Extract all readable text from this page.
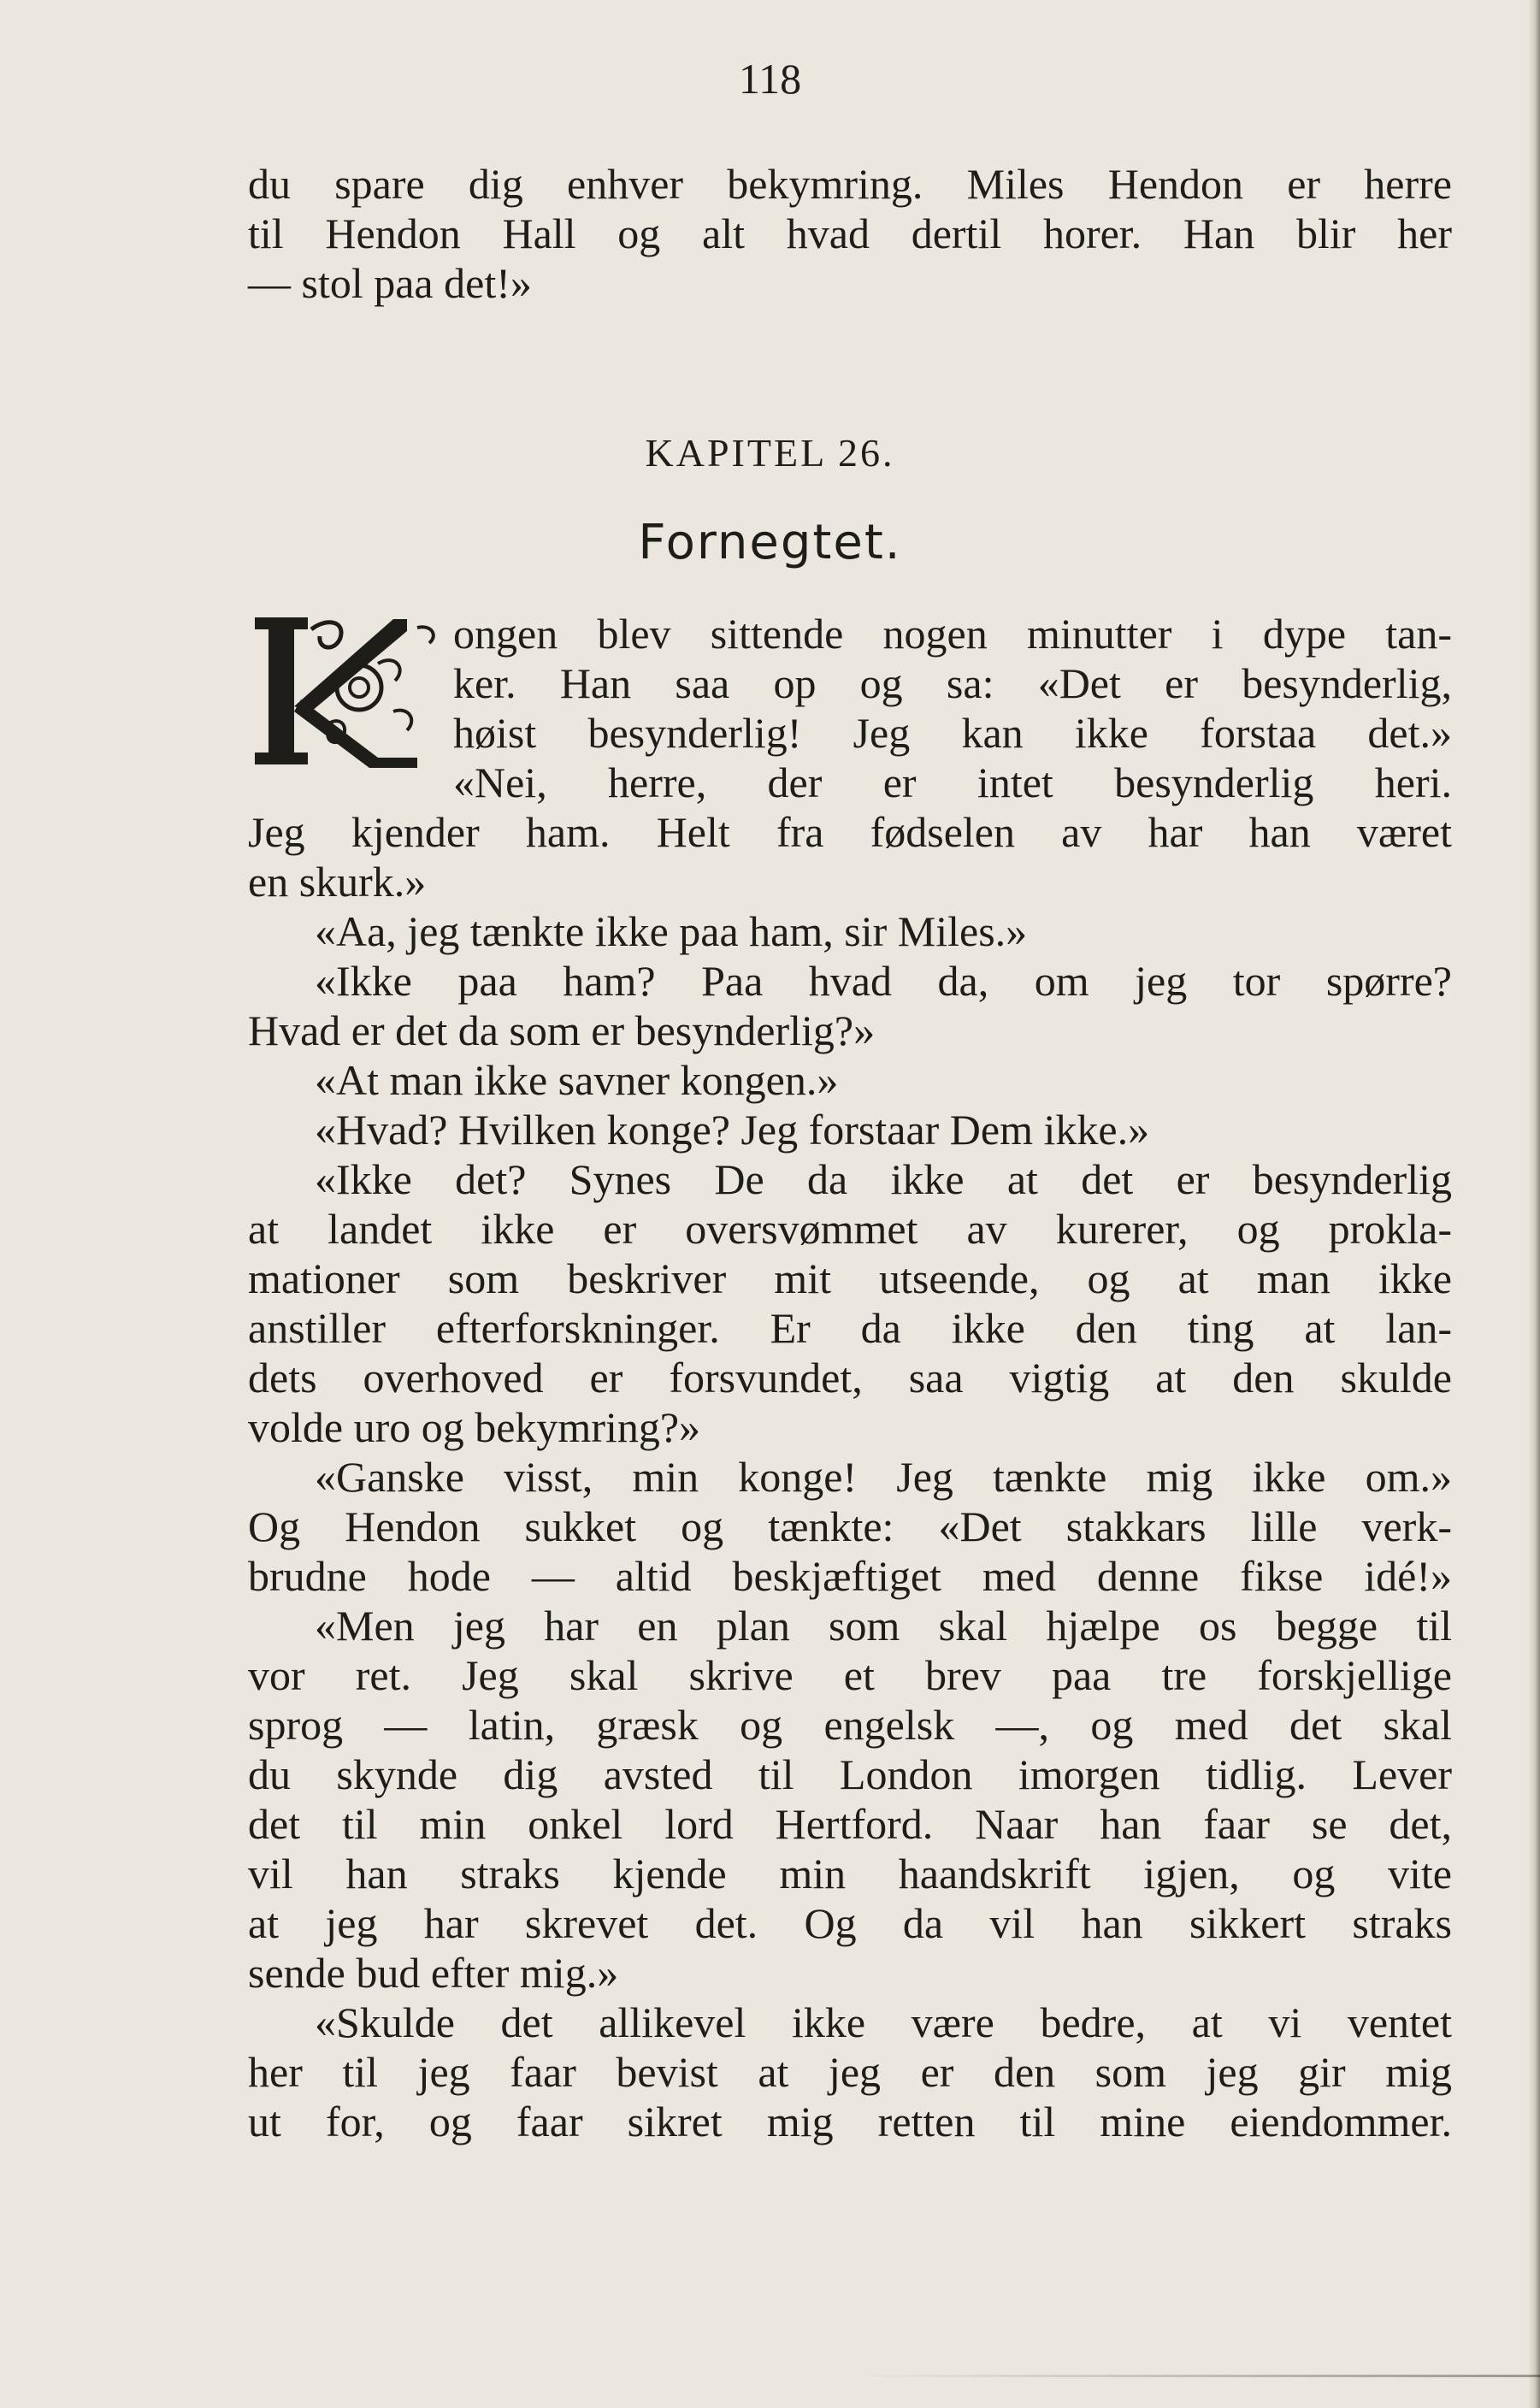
118
du spare dig enhver bekymring. Miles Hendon er herre
til Hendon Hall og alt hvad dertil horer. Han blir her
— stol paa det!»
KAPITEL 26.
Fornegtet.
ongen blev sittende nogen minutter i dype tan-
ker. Han saa op og sa: «Det er besynderlig,
høist besynderlig! Jeg kan ikke forstaa det.»
«Nei, herre, der er intet besynderlig heri.
Jeg kjender ham. Helt fra fødselen av har han været
en skurk.»
«Aa, jeg tænkte ikke paa ham, sir Miles.»
«Ikke paa ham? Paa hvad da, om jeg tor spørre?
Hvad er det da som er besynderlig?»
«At man ikke savner kongen.»
«Hvad? Hvilken konge? Jeg forstaar Dem ikke.»
«Ikke det? Synes De da ikke at det er besynderlig
at landet ikke er oversvømmet av kurerer, og prokla-
mationer som beskriver mit utseende, og at man ikke
anstiller efterforskninger. Er da ikke den ting at lan-
dets overhoved er forsvundet, saa vigtig at den skulde
volde uro og bekymring?»
«Ganske visst, min konge! Jeg tænkte mig ikke om.»
Og Hendon sukket og tænkte: «Det stakkars lille verk-
brudne hode — altid beskjæftiget med denne fikse idé!»
«Men jeg har en plan som skal hjælpe os begge til
vor ret. Jeg skal skrive et brev paa tre forskjellige
sprog — latin, græsk og engelsk —, og med det skal
du skynde dig avsted til London imorgen tidlig. Lever
det til min onkel lord Hertford. Naar han faar se det,
vil han straks kjende min haandskrift igjen, og vite
at jeg har skrevet det. Og da vil han sikkert straks
sende bud efter mig.»
«Skulde det allikevel ikke være bedre, at vi ventet
her til jeg faar bevist at jeg er den som jeg gir mig
ut for, og faar sikret mig retten til mine eiendommer.
